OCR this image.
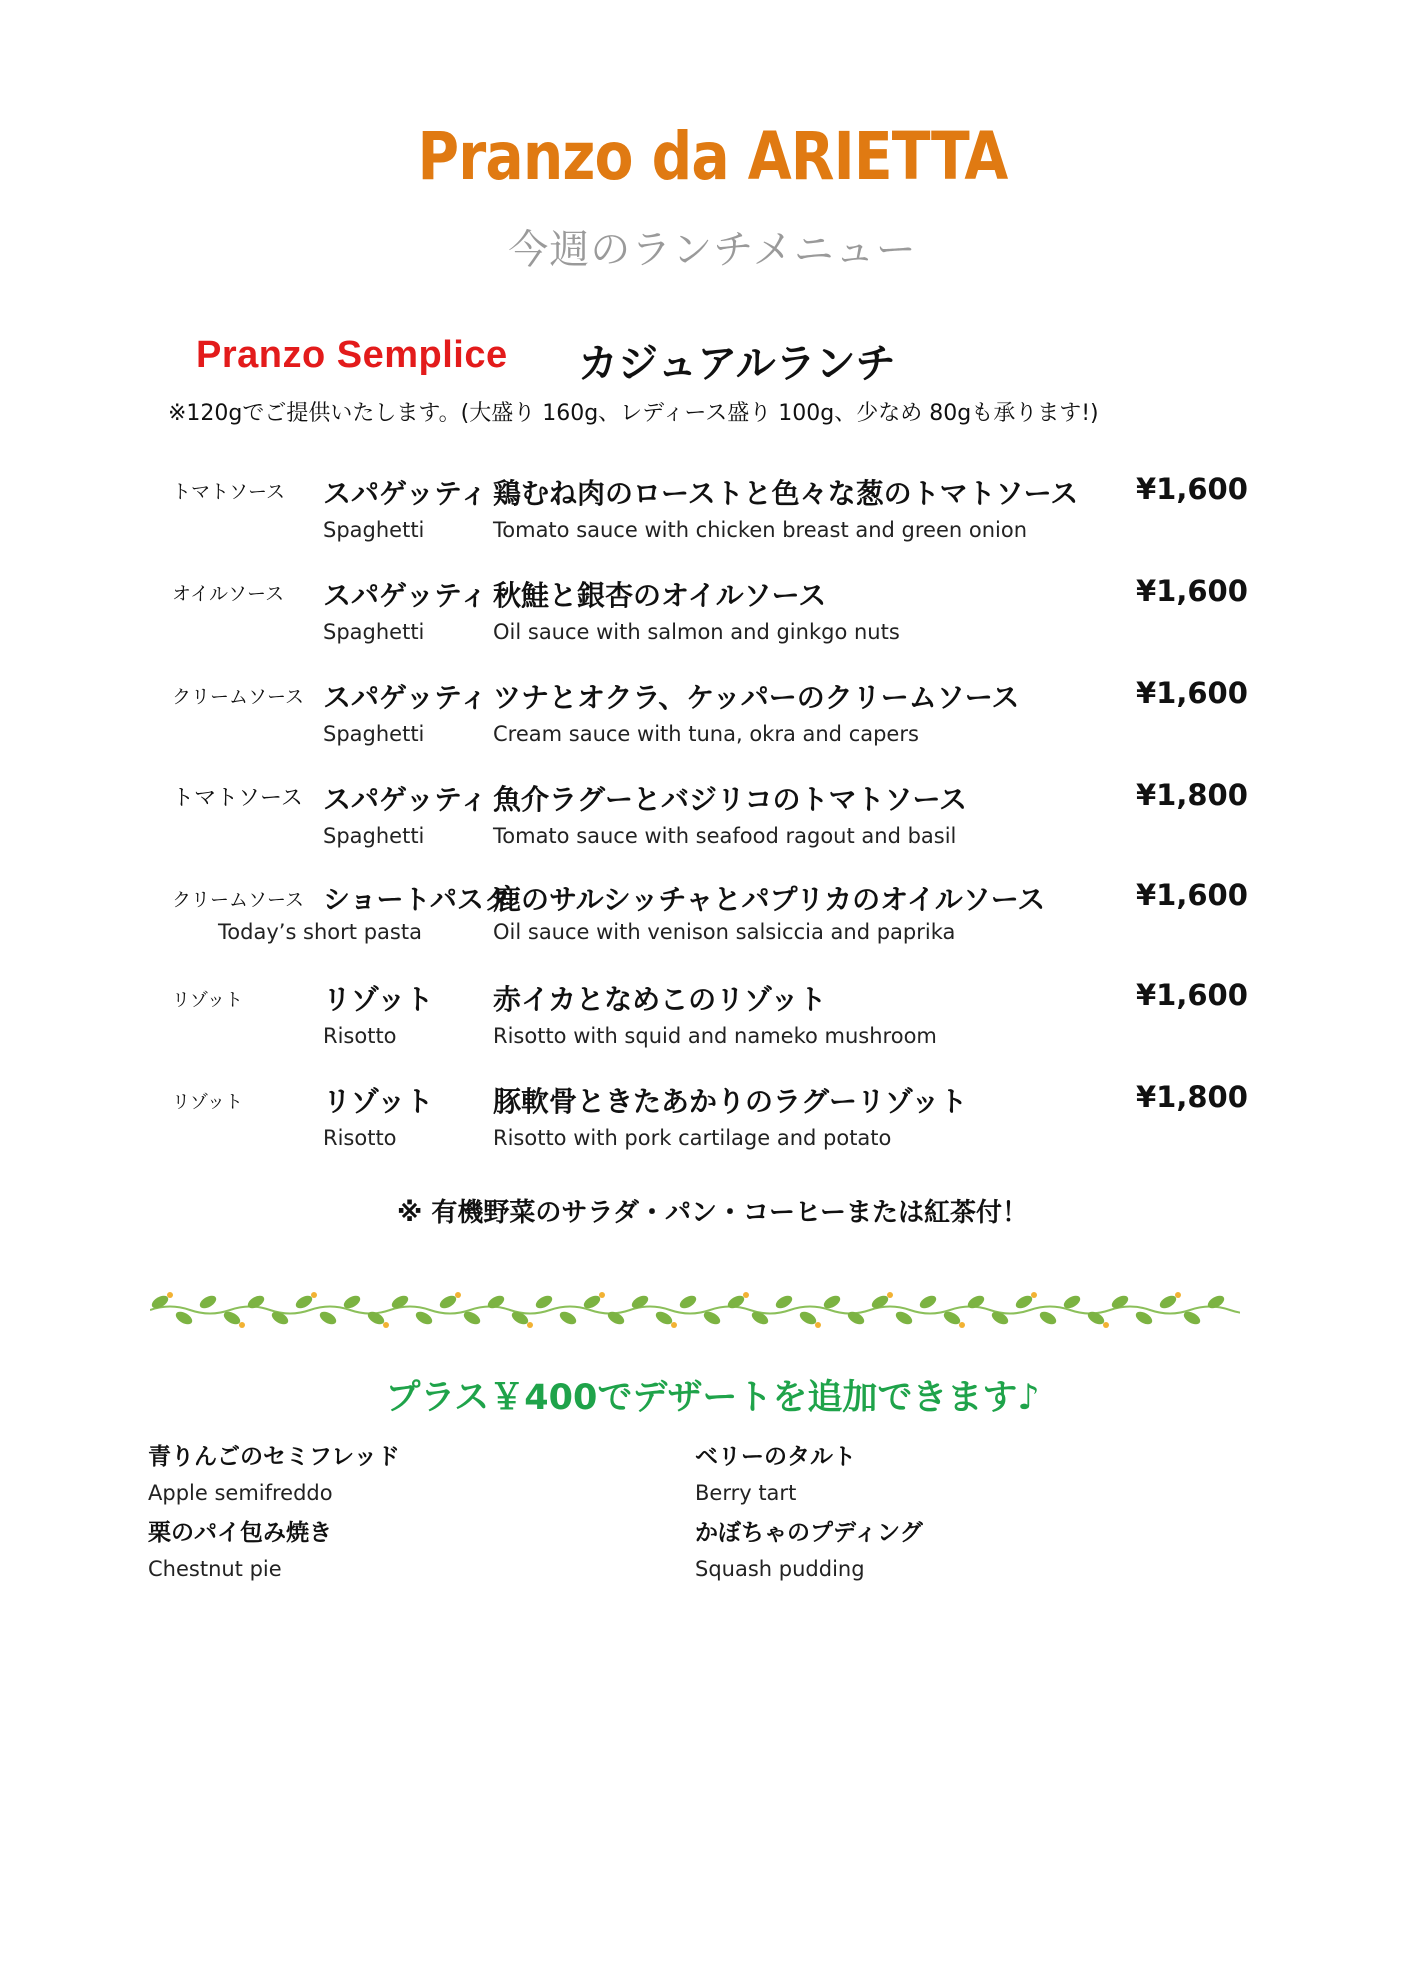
Pranzo da ARIETTA
今週のランチメニュー
Pranzo Semplice カジュアルランチ
※120gでご提供いたします。(大盛り 160g、レディース盛り 100g、少なめ 80gも承ります!)
トマトソース スパゲッティ
Spaghetti
鶏むね肉のローストと色々な葱のトマトソース
Tomato sauce with chicken breast and green onion
¥1,600
オイルソース スパゲッティ
Spaghetti
秋鮭と銀杏のオイルソース
Oil sauce with salmon and ginkgo nuts
¥1,600
クリームソース スパゲッティ
Spaghetti
ツナとオクラ、ケッパーのクリームソース
Cream sauce with tuna, okra and capers
¥1,600
トマトソース スパゲッティ
Spaghetti
魚介ラグーとバジリコのトマトソース
Tomato sauce with seafood ragout and basil
¥1,800
クリームソース ショートパスタ
Today’s short pasta
鹿のサルシッチャとパプリカのオイルソース
Oil sauce with venison salsiccia and paprika
¥1,600
リゾット	リゾット
Risotto
赤イカとなめこのリゾット
Risotto with squid and nameko mushroom
¥1,600
リゾット	リゾット
Risotto
豚軟骨ときたあかりのラグーリゾット
Risotto with pork cartilage and potato
¥1,800
※ 有機野菜のサラダ・パン・コーヒーまたは紅茶付！
プラス￥400でデザートを追加できます♪
青りんごのセミフレッド
Apple semifreddo
ベリーのタルト
Berry tart
栗のパイ包み焼き
Chestnut pie
かぼちゃのプディング
Squash pudding
